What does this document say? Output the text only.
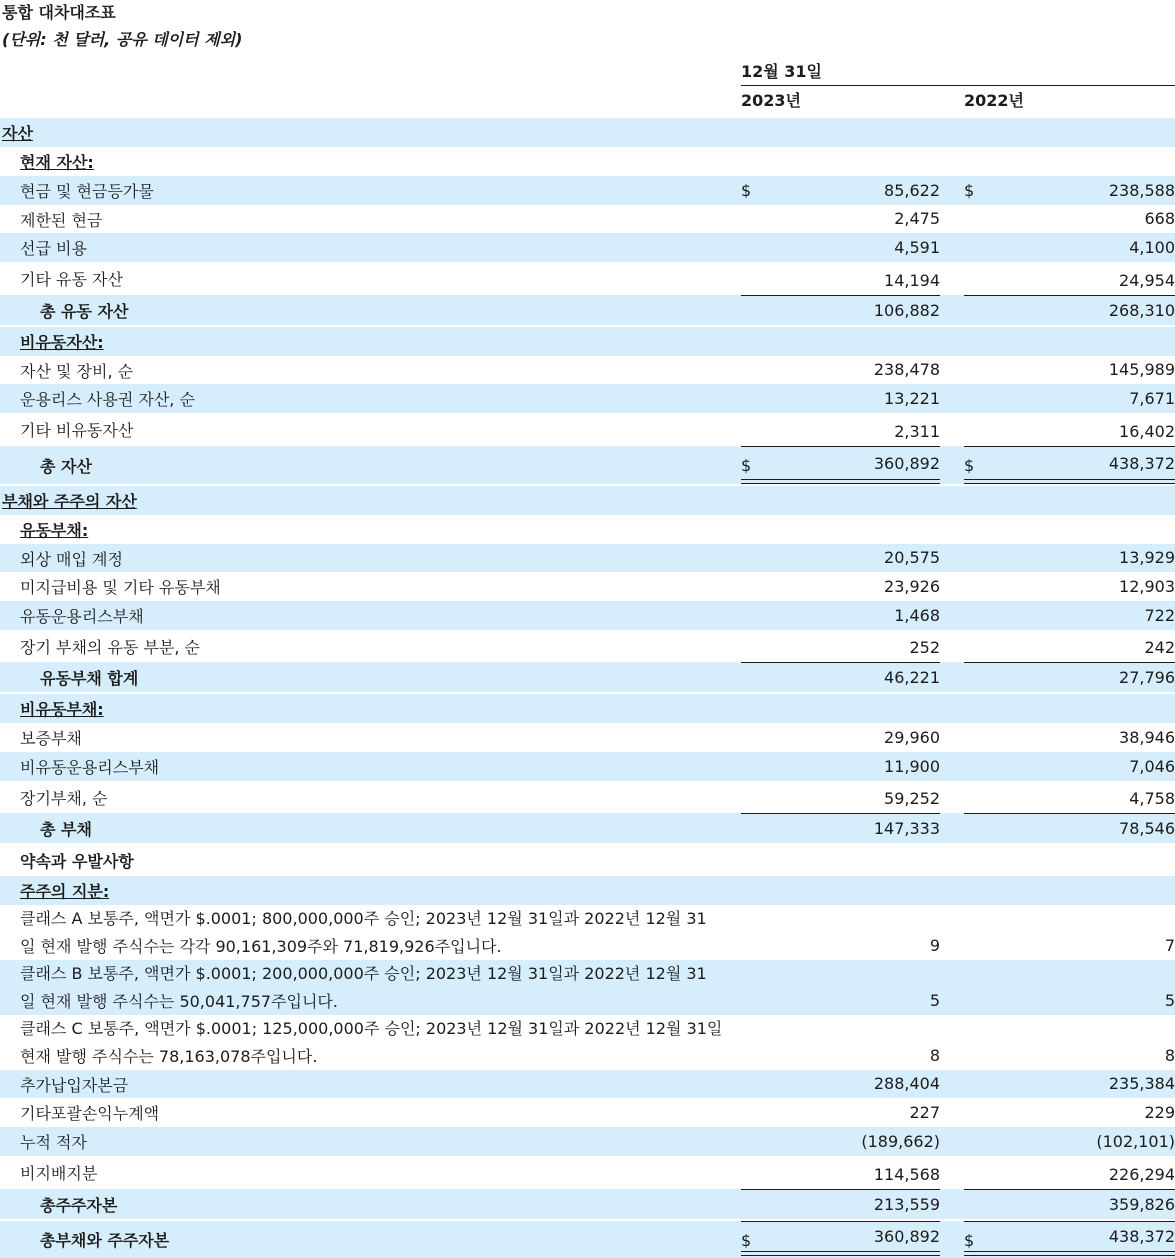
통합 대차대조표
(단위: 천 달러, 공유 데이터 제외)
12월 31일
2023년	2022년
자산
현재 자산:
현금 및 현금등가물	$	85,622 $	238,588
제한된 현금	2,475	668
선급 비용	4,591	4,100
기타 유동 자산	14,194	24,954
총 유동 자산	106,882	268,310
비유동자산:
자산 및 장비, 순	238,478	145,989
운용리스 사용권 자산, 순	13,221	7,671
기타 비유동자산	2,311	16,402
총 자산	$	360,892 $	438,372
부채와 주주의 자산
유동부채:
외상 매입 계정	20,575	13,929
미지급비용 및 기타 유동부채	23,926	12,903
유동운용리스부채	1,468	722
장기 부채의 유동 부분, 순	252	242
유동부채 합계	46,221	27,796
비유동부채:
보증부채	29,960	38,946
비유동운용리스부채	11,900	7,046
장기부채, 순	59,252	4,758
총 부채	147,333	78,546
약속과 우발사항
주주의 지분:
클래스 A 보통주, 액면가 $.0001; 800,000,000주 승인; 2023년 12월 31일과 2022년 12월 31
일 현재 발행 주식수는 각각 90,161,309주와 71,819,926주입니다.	9	7
클래스 B 보통주, 액면가 $.0001; 200,000,000주 승인; 2023년 12월 31일과 2022년 12월 31
일 현재 발행 주식수는 50,041,757주입니다.	5	5
클래스 C 보통주, 액면가 $.0001; 125,000,000주 승인; 2023년 12월 31일과 2022년 12월 31일
현재 발행 주식수는 78,163,078주입니다.	8	8
추가납입자본금	288,404	235,384
기타포괄손익누계액	227	229
누적 적자	(189,662)	(102,101)
비지배지분	114,568	226,294
총주주자본	213,559	359,826
총부채와 주주자본	$	360,892 $	438,372
